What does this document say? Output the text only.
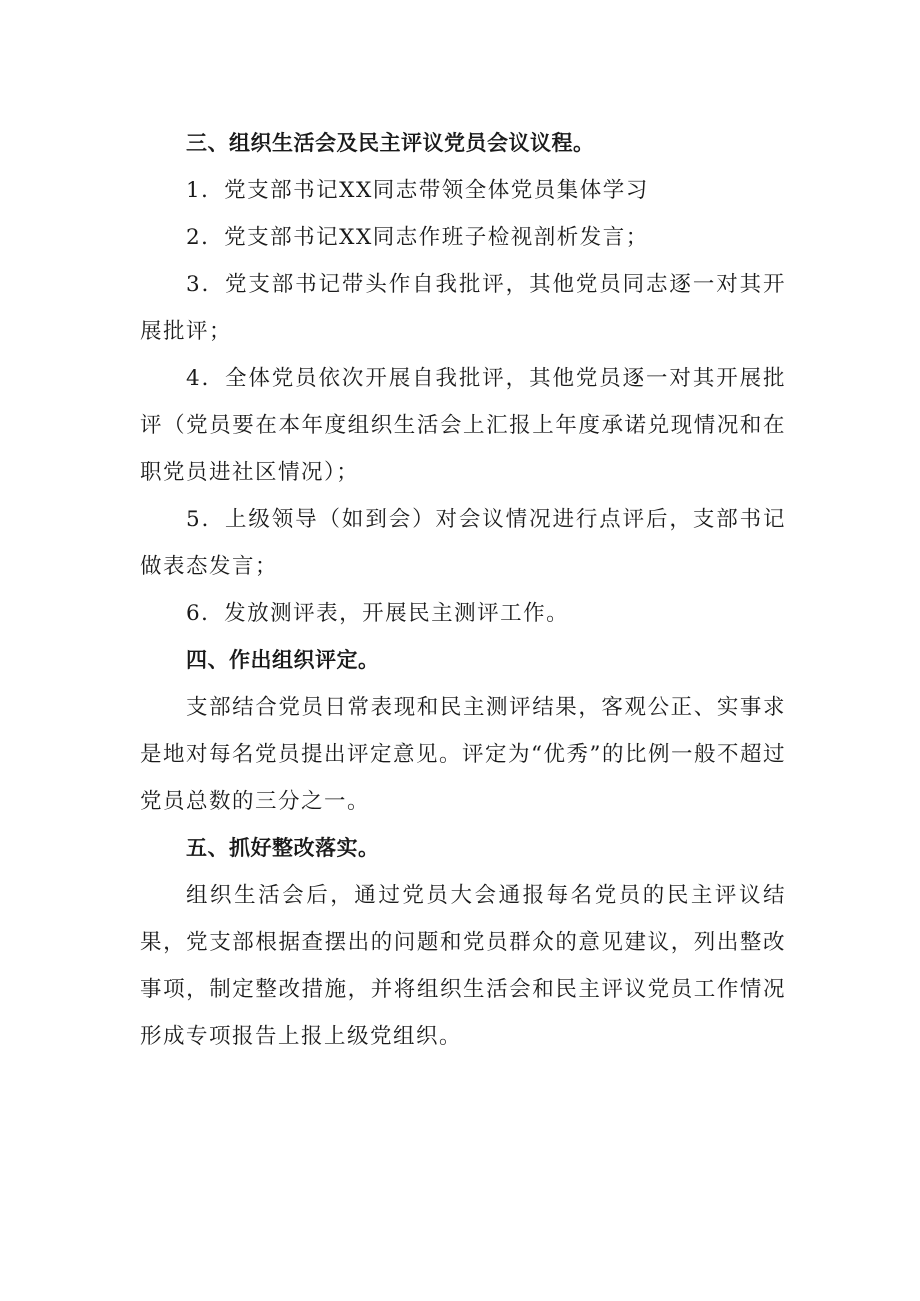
三、组织生活会及民主评议党员会议议程。

1．党支部书记XX同志带领全体党员集体学习

2．党支部书记XX同志作班子检视剖析发言；

3．党支部书记带头作自我批评，其他党员同志逐一对其开展批评；

4．全体党员依次开展自我批评，其他党员逐一对其开展批评（党员要在本年度组织生活会上汇报上年度承诺兑现情况和在职党员进社区情况）；

5．上级领导（如到会）对会议情况进行点评后，支部书记做表态发言；

6．发放测评表，开展民主测评工作。

四、作出组织评定。

支部结合党员日常表现和民主测评结果，客观公正、实事求是地对每名党员提出评定意见。评定为“优秀”的比例一般不超过党员总数的三分之一。

五、抓好整改落实。

组织生活会后，通过党员大会通报每名党员的民主评议结果，党支部根据查摆出的问题和党员群众的意见建议，列出整改事项，制定整改措施，并将组织生活会和民主评议党员工作情况形成专项报告上报上级党组织。
